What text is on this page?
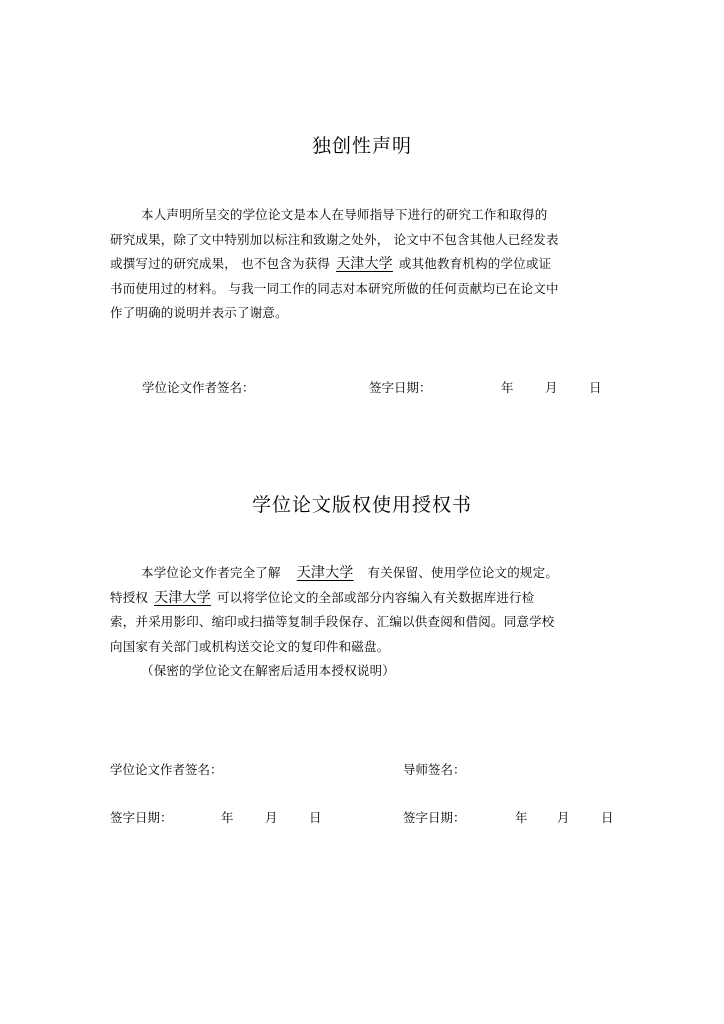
独创性声明
本人声明所呈交的学位论文是本人在导师指导下进行的研究工作和取得的
研究成果，除了文中特别加以标注和致谢之处外， 论文中不包含其他人已经发表
或撰写过的研究成果， 也不包含为获得 天津大学 或其他教育机构的学位或证
书而使用过的材料。 与我一同工作的同志对本研究所做的任何贡献均已在论文中
作了明确的说明并表示了谢意。
学位论文作者签名：	签字日期：	年	月	日
学位论文版权使用授权书
本学位论文作者完全了解 天津大学 有关保留、使用学位论文的规定。
特授权 天津大学 可以将学位论文的全部或部分内容编入有关数据库进行检
索，并采用影印、缩印或扫描等复制手段保存、汇编以供查阅和借阅。同意学校
向国家有关部门或机构送交论文的复印件和磁盘。
（保密的学位论文在解密后适用本授权说明）
学位论文作者签名：	导师签名：
签字日期：	年	月	日	签字日期：	年 月	日
